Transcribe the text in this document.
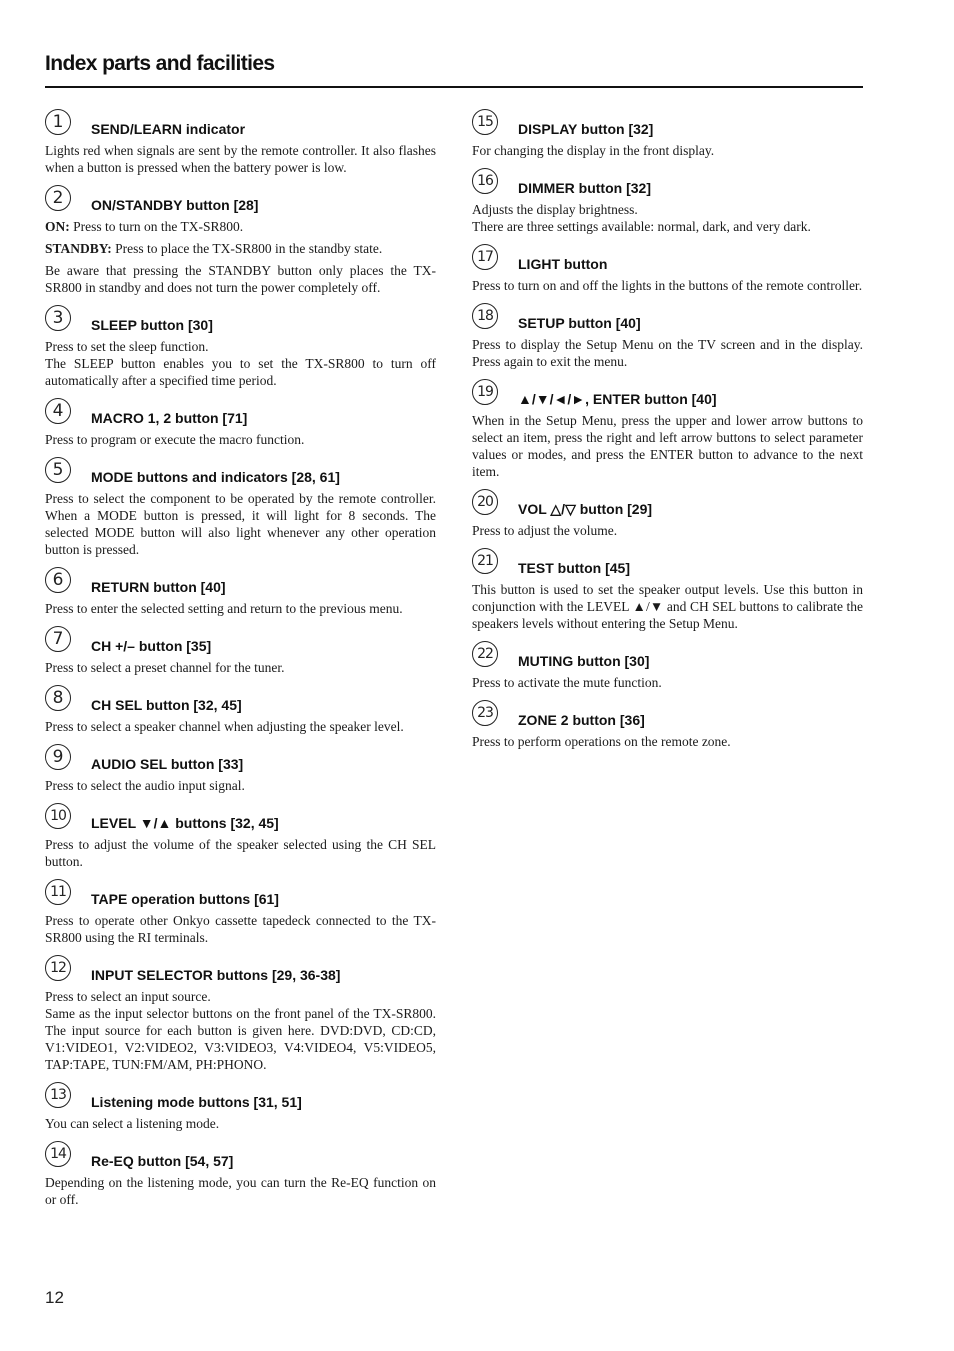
Index parts and facilities
1	SEND/LEARN indicator

Lights red when signals are sent by the remote controller. It also flashes when a button is pressed when the battery power is low.

2	ON/STANDBY button [28]

ON: Press to turn on the TX-SR800.

STANDBY: Press to place the TX-SR800 in the standby state.

Be aware that pressing the STANDBY button only places the TX-SR800 in standby and does not turn the power completely off.

3	SLEEP button [30]

Press to set the sleep function.
The SLEEP button enables you to set the TX-SR800 to turn off automatically after a specified time period.

4	MACRO 1, 2 button [71]

Press to program or execute the macro function.

5	MODE buttons and indicators [28, 61]

Press to select the component to be operated by the remote controller. When a MODE button is pressed, it will light for 8 seconds. The selected MODE button will also light whenever any other operation button is pressed.

6	RETURN button [40]

Press to enter the selected setting and return to the previous menu.

7	CH +/– button [35]

Press to select a preset channel for the tuner.

8	CH SEL button [32, 45]

Press to select a speaker channel when adjusting the speaker level.

9	AUDIO SEL button [33]

Press to select the audio input signal.

10	LEVEL ▼/▲ buttons [32, 45]

Press to adjust the volume of the speaker selected using the CH SEL button.

11	TAPE operation buttons [61]

Press to operate other Onkyo cassette tapedeck connected to the TX-SR800 using the RI terminals.

12	INPUT SELECTOR buttons [29, 36-38]

Press to select an input source.
Same as the input selector buttons on the front panel of the TX-SR800. The input source for each button is given here. DVD:DVD, CD:CD, V1:VIDEO1, V2:VIDEO2, V3:VIDEO3, V4:VIDEO4, V5:VIDEO5, TAP:TAPE, TUN:FM/AM, PH:PHONO.

13	Listening mode buttons [31, 51]

You can select a listening mode.

14	Re-EQ button [54, 57]

Depending on the listening mode, you can turn the Re-EQ function on or off.

15	DISPLAY button [32]

For changing the display in the front display.

16	DIMMER button [32]

Adjusts the display brightness.
There are three settings available: normal, dark, and very dark.

17	LIGHT button

Press to turn on and off the lights in the buttons of the remote controller.

18	SETUP button [40]

Press to display the Setup Menu on the TV screen and in the display. Press again to exit the menu.

19	▲/▼/◄/►, ENTER button [40]

When in the Setup Menu, press the upper and lower arrow buttons to select an item, press the right and left arrow buttons to select parameter values or modes, and press the ENTER button to advance to the next item.

20	VOL △/▽ button [29]

Press to adjust the volume.

21	TEST button [45]

This button is used to set the speaker output levels. Use this button in conjunction with the LEVEL ▲/▼ and CH SEL buttons to calibrate the speakers levels without entering the Setup Menu.

22	MUTING button [30]

Press to activate the mute function.

23	ZONE 2 button [36]

Press to perform operations on the remote zone.

12
